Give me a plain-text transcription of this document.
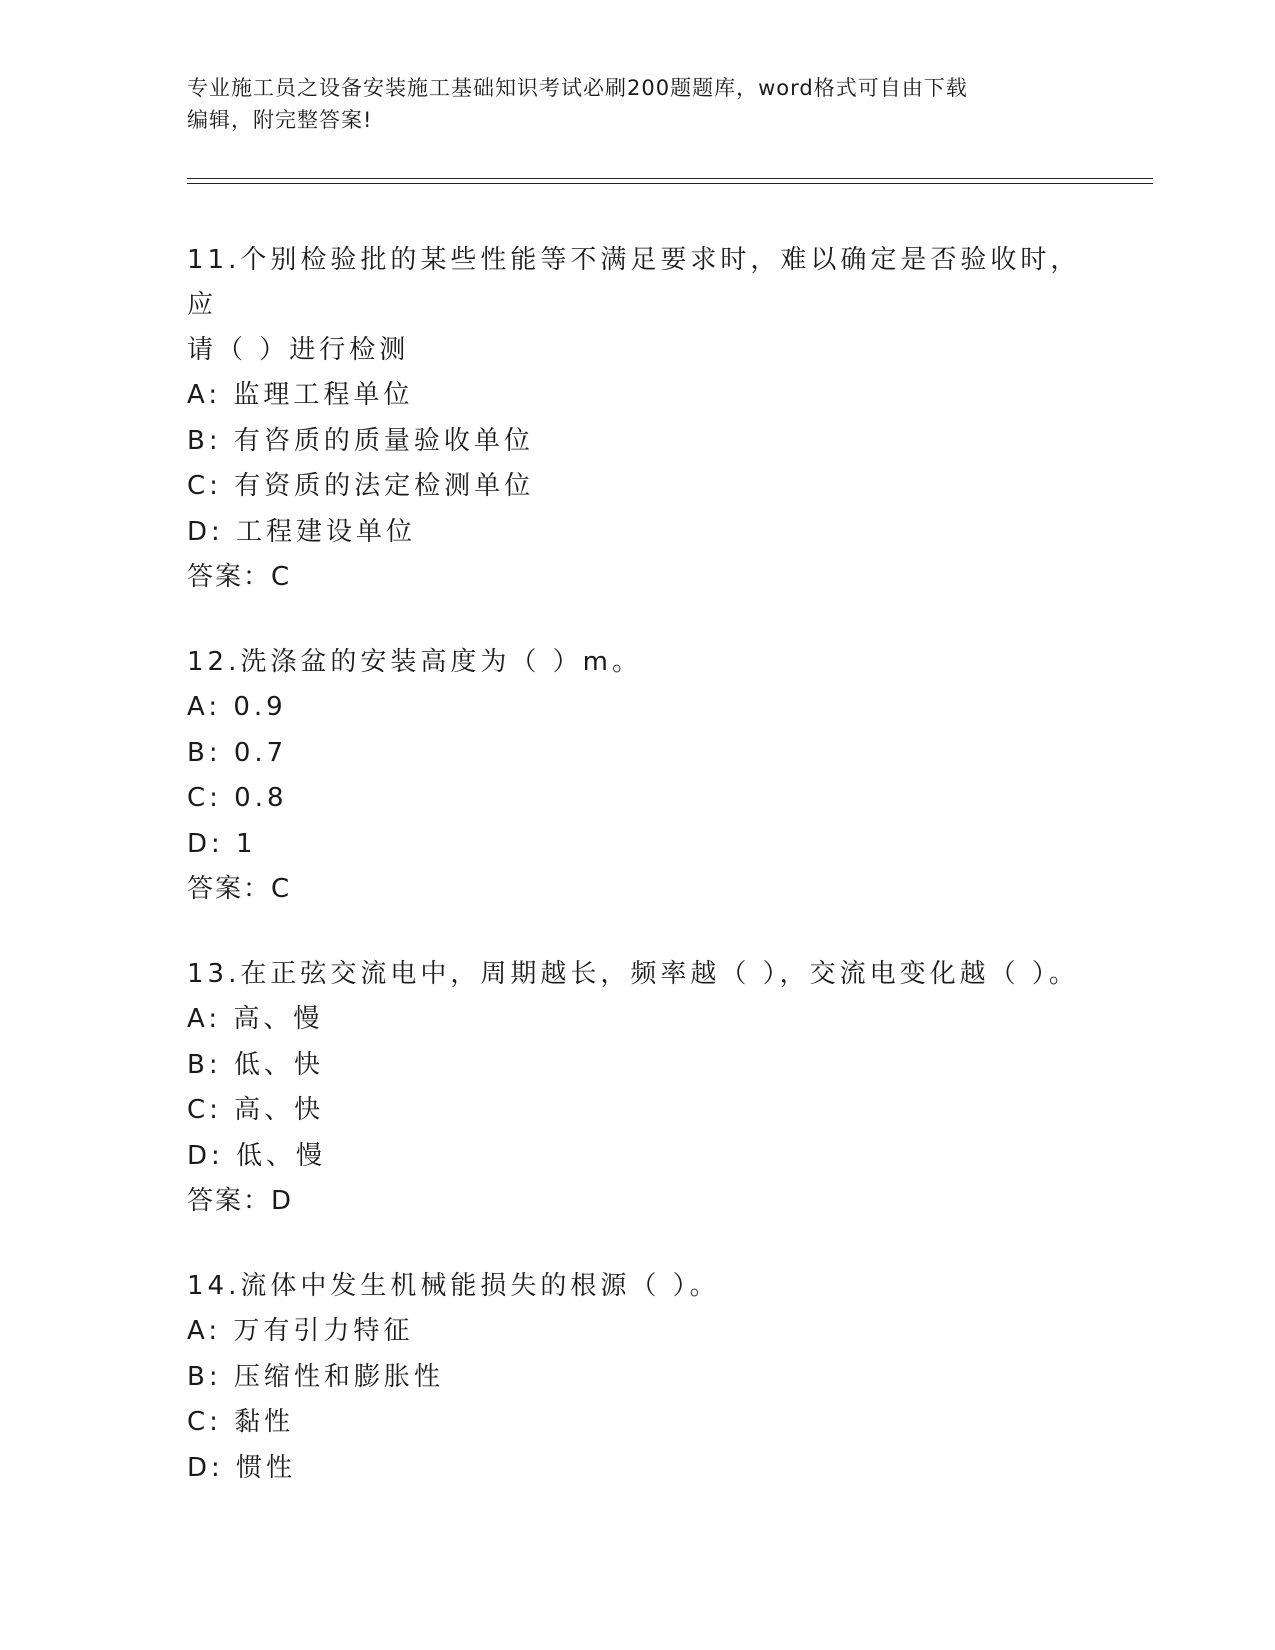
专业施工员之设备安装施工基础知识考试必刷200题题库，word格式可自由下载
编辑，附完整答案!
11.个别检验批的某些性能等不满足要求时，难以确定是否验收时，应
请（ ）进行检测
A: 监理工程单位
B: 有咨质的质量验收单位
C: 有资质的法定检测单位
D: 工程建设单位
答案：C
12.洗涤盆的安装高度为（ ）m。
A: 0.9
B: 0.7
C: 0.8
D: 1
答案：C
13.在正弦交流电中，周期越长，频率越（ ），交流电变化越（ ）。
A: 高、慢
B: 低、快
C: 高、快
D: 低、慢
答案：D
14.流体中发生机械能损失的根源（ ）。
A: 万有引力特征
B: 压缩性和膨胀性
C: 黏性
D: 惯性
